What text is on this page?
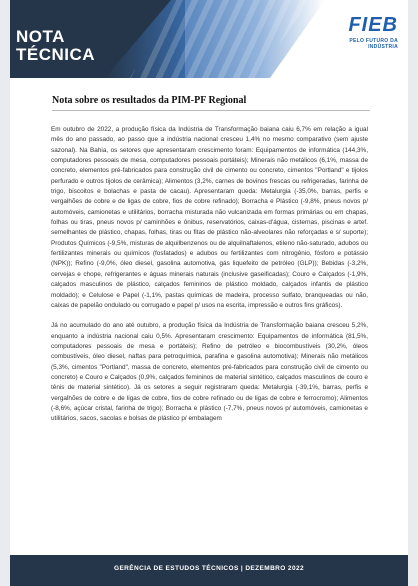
NOTA
TÉCNICA
FIEB
PELO FUTURO DA INDÚSTRIA
Nota sobre os resultados da PIM-PF Regional

Em outubro de 2022, a produção física da Indústria de Transformação baiana caiu 6,7% em relação a igual mês do ano passado, ao passo que a indústria nacional cresceu 1,4% no mesmo comparativo (sem ajuste sazonal). Na Bahia, os setores que apresentaram crescimento foram: Equipamentos de informática (144,3%, computadores pessoais de mesa, computadores pessoais portáteis); Minerais não metálicos (6,1%, massa de concreto, elementos pré-fabricados para construção civil de cimento ou concreto, cimentos "Portland" e tijolos perfurado e outros tijolos de cerâmica); Alimentos (3,2%, carnes de bovinos frescas ou refrigeradas, farinha de trigo, biscoitos e bolachas e pasta de cacau). Apresentaram queda: Metalurgia (-35,0%, barras, perfis e vergalhões de cobre e de ligas de cobre, fios de cobre refinado); Borracha e Plástico (-9,8%, pneus novos p/ automóveis, camionetas e utilitários, borracha misturada não vulcanizada em formas primárias ou em chapas, folhas ou tiras, pneus novos p/ caminhões e ônibus, reservatórios, caixas-d'água, cisternas, piscinas e artef. semelhantes de plástico, chapas, folhas, tiras ou fitas de plástico não-alveolares não reforçadas e s/ suporte); Produtos Químicos (-9,5%, misturas de alquilbenzenos ou de alquilnaftalenos, etileno não-saturado, adubos ou fertilizantes minerais ou químicos (fosfatados) e adubos ou fertilizantes com nitrogênio, fósforo e potássio (NPK)); Refino (-9,0%, óleo diesel, gasolina automotiva, gás liquefeito de petróleo (GLP)); Bebidas (-3,2%, cervejas e chope, refrigerantes e águas minerais naturais (inclusive gaseificadas); Couro e Calçados (-1,9%, calçados masculinos de plástico, calçados femininos de plástico moldado, calçados infantis de plástico moldado); e Celulose e Papel (-1,1%, pastas químicas de madeira, processo sulfato, branqueadas ou não, caixas de papelão ondulado ou corrugado e papel p/ usos na escrita, impressão e outros fins gráficos).

Já no acumulado do ano até outubro, a produção física da Indústria de Transformação baiana cresceu 5,2%, enquanto a indústria nacional caiu 0,5%. Apresentaram crescimento: Equipamentos de informática (81,5%, computadores pessoais de mesa e portáteis); Refino de petróleo e biocombustíveis (30,2%, óleos combustíveis, óleo diesel, naftas para petroquímica, parafina e gasolina automotiva); Minerais não metálicos (5,3%, cimentos "Portland", massa de concreto, elementos pré-fabricados para construção civil de cimento ou concreto) e Couro e Calçados (0,9%, calçados femininos de material sintético, calçados masculinos de couro e tênis de material sintético). Já os setores a seguir registraram queda: Metalurgia (-39,1%, barras, perfis e vergalhões de cobre e de ligas de cobre, fios de cobre refinado ou de ligas de cobre e ferrocromo); Alimentos (-8,6%, açúcar cristal, farinha de trigo); Borracha e plástico (-7,7%, pneus novos p/ automóveis, camionetas e utilitários, sacos, sacolas e bolsas de plástico p/ embalagem

GERÊNCIA DE ESTUDOS TÉCNICOS | DEZEMBRO 2022
